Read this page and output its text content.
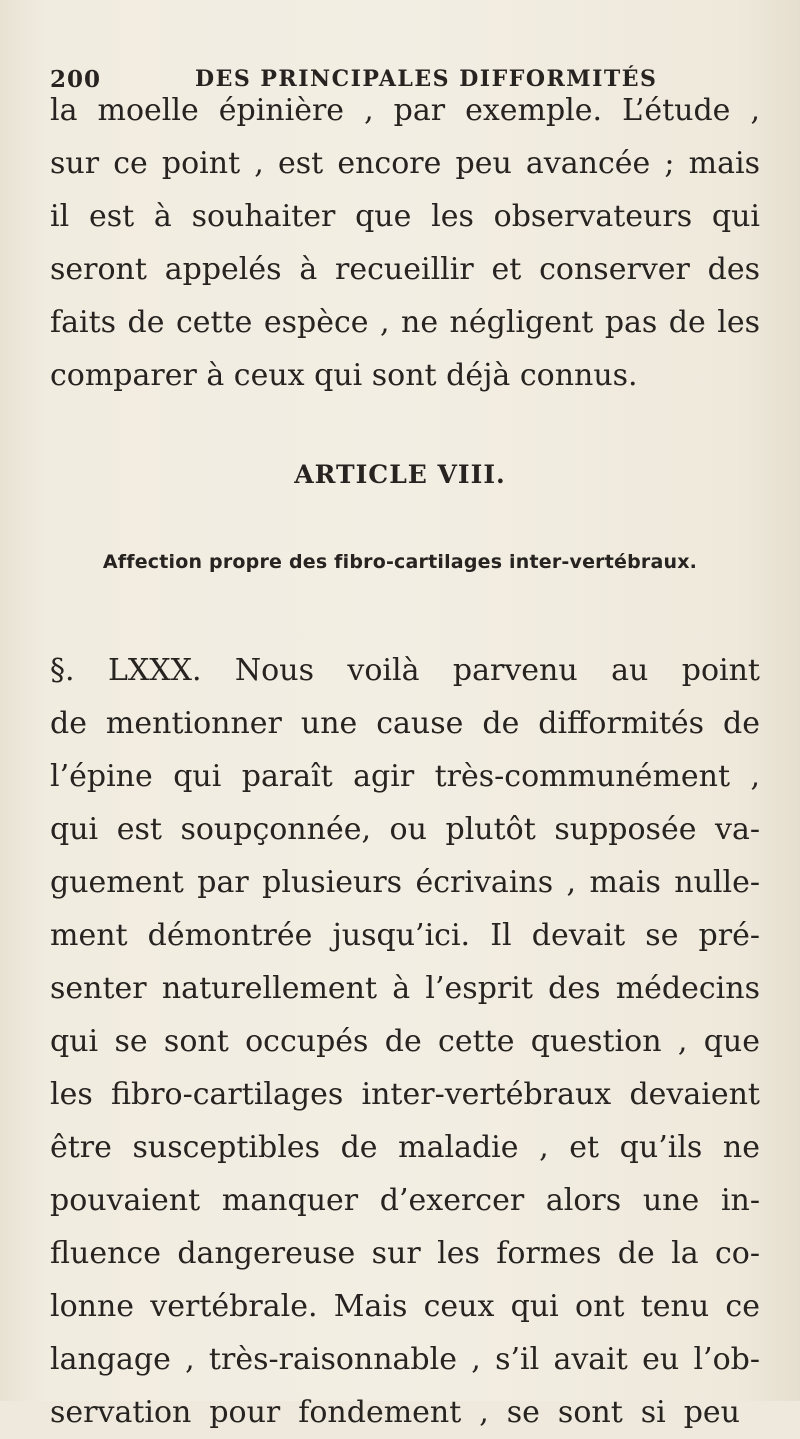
200	DES PRINCIPALES DIFFORMITÉS
la moelle épinière , par exemple. L’étude ,
sur ce point , est encore peu avancée ; mais
il est à souhaiter que les observateurs qui
seront appelés à recueillir et conserver des
faits de cette espèce , ne négligent pas de les
comparer à ceux qui sont déjà connus.
ARTICLE VIII.
Affection propre des fibro-cartilages inter-vertébraux.
§. LXXX. Nous voilà parvenu au point
de mentionner une cause de difformités de
l’épine qui paraît agir très-communément ,
qui est soupçonnée, ou plutôt supposée va-
guement par plusieurs écrivains , mais nulle-
ment démontrée jusqu’ici. Il devait se pré-
senter naturellement à l’esprit des médecins
qui se sont occupés de cette question , que
les fibro-cartilages inter-vertébraux devaient
être susceptibles de maladie , et qu’ils ne
pouvaient manquer d’exercer alors une in-
fluence dangereuse sur les formes de la co-
lonne vertébrale. Mais ceux qui ont tenu ce
langage , très-raisonnable , s’il avait eu l’ob-
servation pour fondement , se sont si peu
